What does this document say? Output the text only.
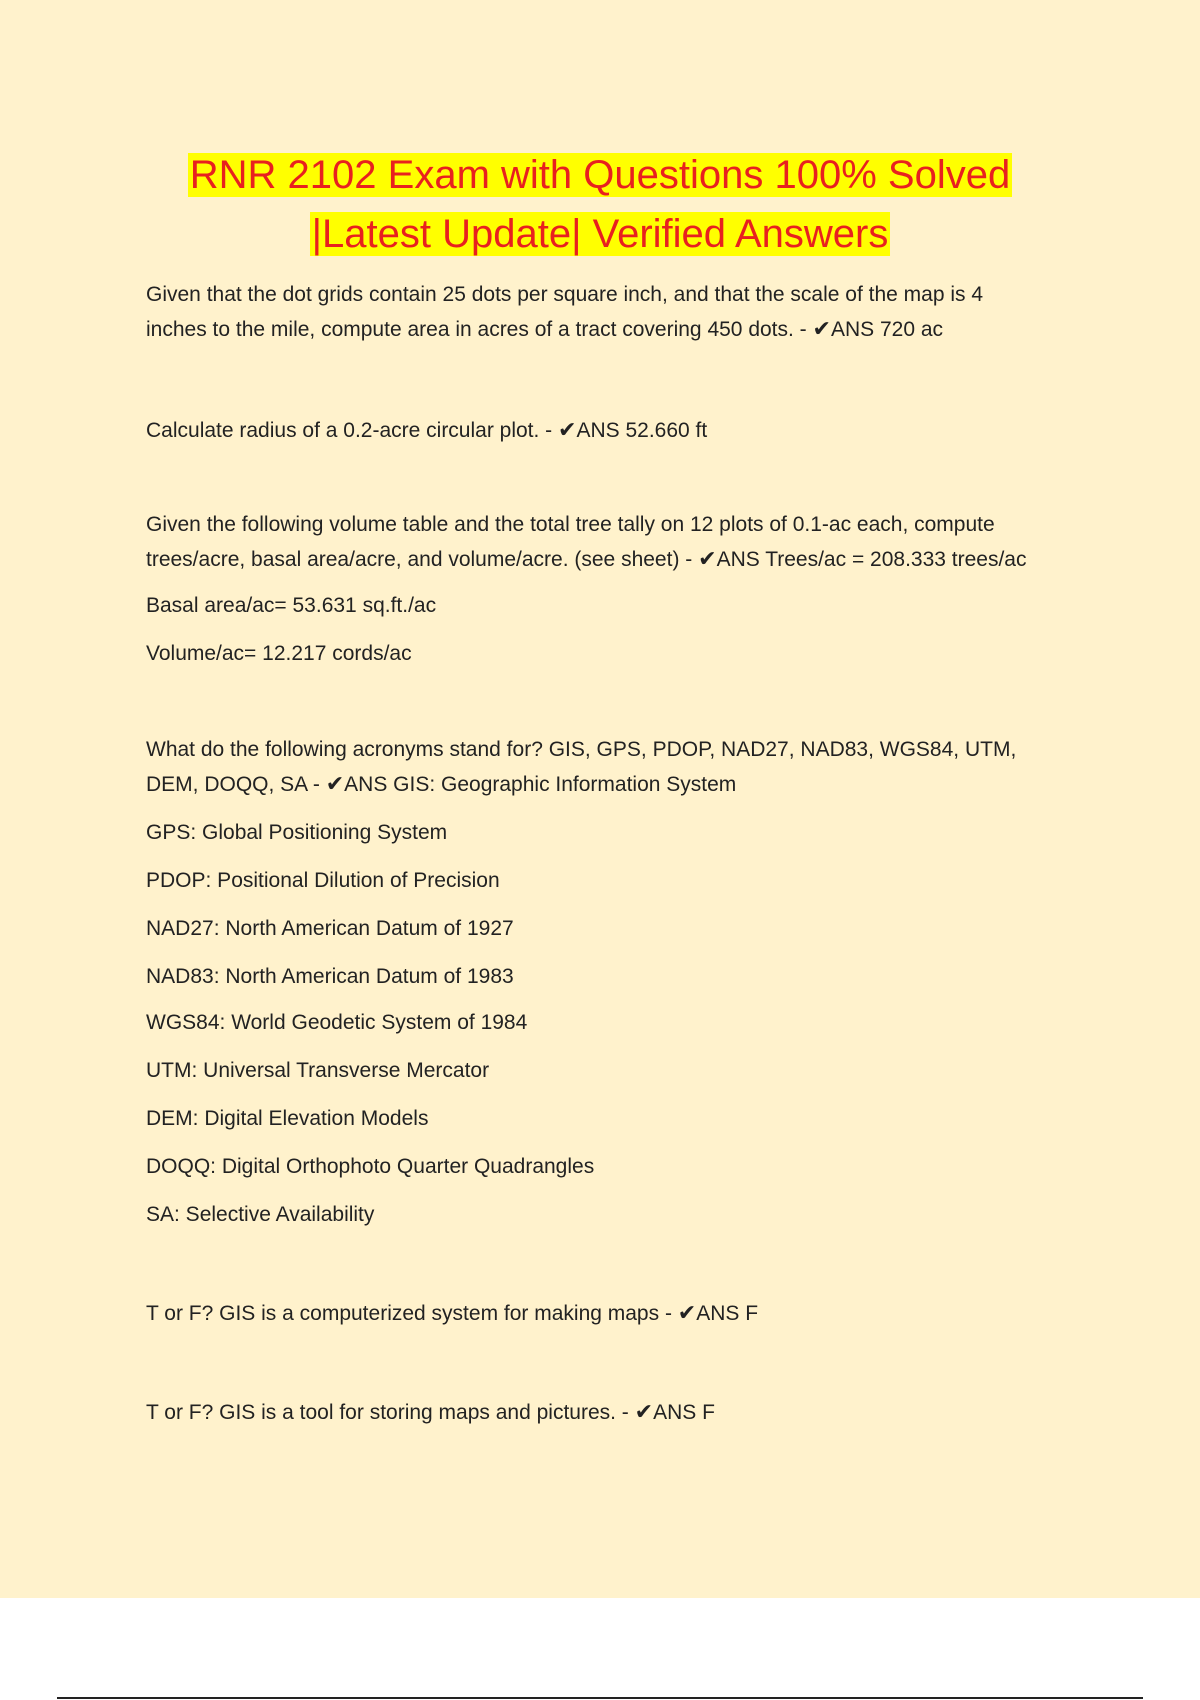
RNR 2102 Exam with Questions 100% Solved
|Latest Update| Verified Answers

Given that the dot grids contain 25 dots per square inch, and that the scale of the map is 4
inches to the mile, compute area in acres of a tract covering 450 dots. - ✔ANS 720 ac

Calculate radius of a 0.2-acre circular plot. - ✔ANS 52.660 ft

Given the following volume table and the total tree tally on 12 plots of 0.1-ac each, compute
trees/acre, basal area/acre, and volume/acre. (see sheet) - ✔ANS Trees/ac = 208.333 trees/ac

Basal area/ac= 53.631 sq.ft./ac

Volume/ac= 12.217 cords/ac

What do the following acronyms stand for? GIS, GPS, PDOP, NAD27, NAD83, WGS84, UTM,
DEM, DOQQ, SA - ✔ANS GIS: Geographic Information System

GPS: Global Positioning System

PDOP: Positional Dilution of Precision

NAD27: North American Datum of 1927

NAD83: North American Datum of 1983

WGS84: World Geodetic System of 1984

UTM: Universal Transverse Mercator

DEM: Digital Elevation Models

DOQQ: Digital Orthophoto Quarter Quadrangles

SA: Selective Availability

T or F? GIS is a computerized system for making maps - ✔ANS F

T or F? GIS is a tool for storing maps and pictures. - ✔ANS F
